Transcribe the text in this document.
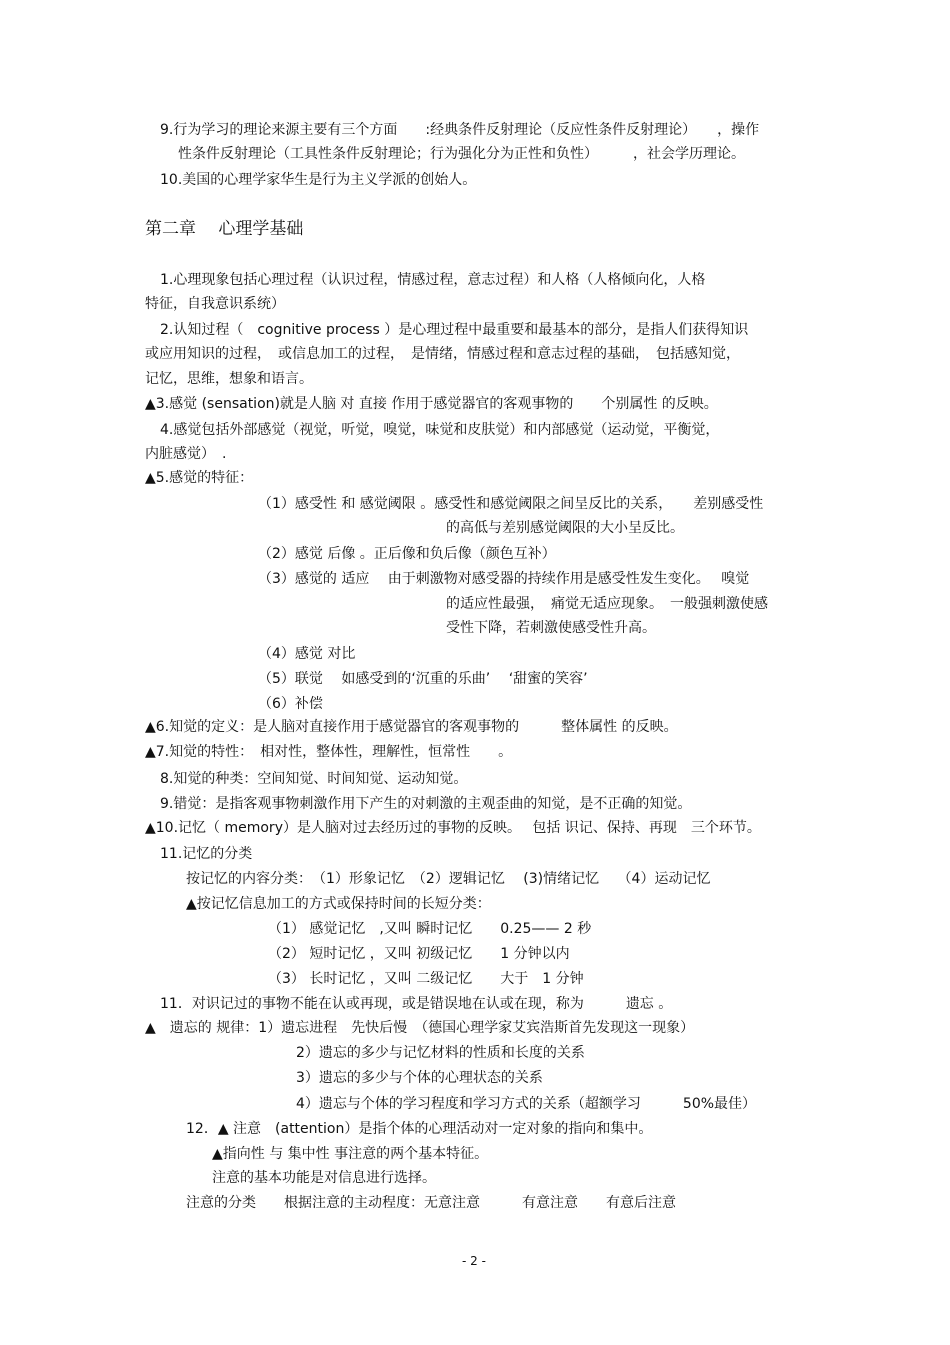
9.行为学习的理论来源主要有三个方面　　:经典条件反射理论（反应性条件反射理论）　　，操作
性条件反射理论（工具性条件反射理论；行为强化分为正性和负性）　　　，社会学历理论。
10.美国的心理学家华生是行为主义学派的创始人。
第二章　 心理学基础
1.心理现象包括心理过程（认识过程，情感过程，意志过程）和人格（人格倾向化，人格
特征，自我意识系统）
2.认知过程（　cognitive process ）是心理过程中最重要和最基本的部分，是指人们获得知识
或应用知识的过程，　或信息加工的过程，　是情绪，情感过程和意志过程的基础，　包括感知觉，
记忆，思维，想象和语言。
▲3.感觉 (sensation)就是人脑 对 直接 作用于感觉器官的客观事物的　　个别属性 的反映。
4.感觉包括外部感觉（视觉，听觉，嗅觉，味觉和皮肤觉）和内部感觉（运动觉，平衡觉，
内脏感觉）　.
▲5.感觉的特征：
（1）感受性 和 感觉阈限 。感受性和感觉阈限之间呈反比的关系，　　差别感受性
的高低与差别感觉阈限的大小呈反比。
（2）感觉 后像 。正后像和负后像（颜色互补）
（3）感觉的 适应　 由于刺激物对感受器的持续作用是感受性发生变化。　 嗅觉
的适应性最强，　痛觉无适应现象。　一般强刺激使感
受性下降，若刺激使感受性升高。
（4）感觉 对比
（5）联觉　 如感受到的‘沉重的乐曲’　 ‘甜蜜的笑容’
（6）补偿
▲6.知觉的定义：是人脑对直接作用于感觉器官的客观事物的　　　整体属性 的反映。
▲7.知觉的特性：　相对性，整体性，理解性，恒常性　　。
8.知觉的种类：空间知觉、时间知觉、运动知觉。
9.错觉：是指客观事物刺激作用下产生的对刺激的主观歪曲的知觉，是不正确的知觉。
▲10.记忆（ memory）是人脑对过去经历过的事物的反映。　 包括 识记、保持、再现　三个环节。
11.记忆的分类
按记忆的内容分类：　（1）形象记忆　（2）逻辑记忆　 (3)情绪记忆　 （4）运动记忆
▲按记忆信息加工的方式或保持时间的长短分类：
（1） 感觉记忆　,又叫 瞬时记忆　　0.25—— 2 秒
（2） 短时记忆 ，又叫 初级记忆　　1 分钟以内
（3） 长时记忆 ，又叫 二级记忆　　大于　1 分钟
11．对识记过的事物不能在认或再现，或是错误地在认或在现，称为　　　遗忘 。
▲　遗忘的 规律：1）遗忘进程　先快后慢　（德国心理学家艾宾浩斯首先发现这一现象）
2）遗忘的多少与记忆材料的性质和长度的关系
3）遗忘的多少与个体的心理状态的关系
4）遗忘与个体的学习程度和学习方式的关系（超额学习　　　50%最佳）
12．▲ 注意　(attention）是指个体的心理活动对一定对象的指向和集中。
▲指向性 与 集中性 事注意的两个基本特征。
注意的基本功能是对信息进行选择。
注意的分类　　根据注意的主动程度：无意注意　　　有意注意　　有意后注意
- 2 -
